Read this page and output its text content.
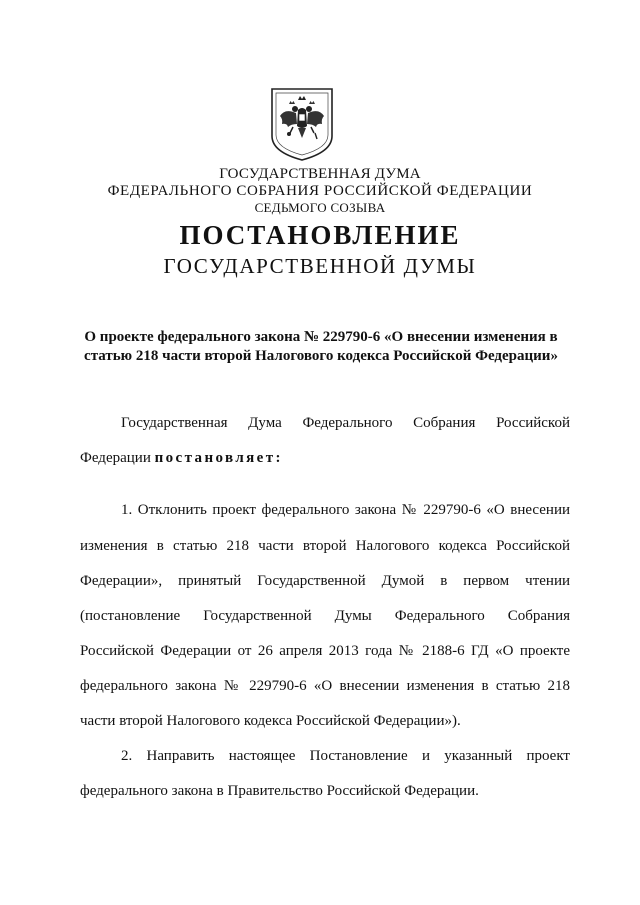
ГОСУДАРСТВЕННАЯ ДУМА
ФЕДЕРАЛЬНОГО СОБРАНИЯ РОССИЙСКОЙ ФЕДЕРАЦИИ
СЕДЬМОГО СОЗЫВА
ПОСТАНОВЛЕНИЕ
ГОСУДАРСТВЕННОЙ ДУМЫ
О проекте федерального закона № 229790-6 «О внесении изменения в
статью 218 части второй Налогового кодекса Российской Федерации»
Государственная Дума Федерального Собрания Российской
Федерации постановляет:
1. Отклонить проект федерального закона № 229790-6 «О внесении
изменения в статью 218 части второй Налогового кодекса Российской
Федерации», принятый Государственной Думой в первом чтении
(постановление Государственной Думы Федерального Собрания
Российской Федерации от 26 апреля 2013 года № 2188-6 ГД «О проекте
федерального закона № 229790-6 «О внесении изменения в статью 218
части второй Налогового кодекса Российской Федерации»).
2. Направить настоящее Постановление и указанный проект
федерального закона в Правительство Российской Федерации.
